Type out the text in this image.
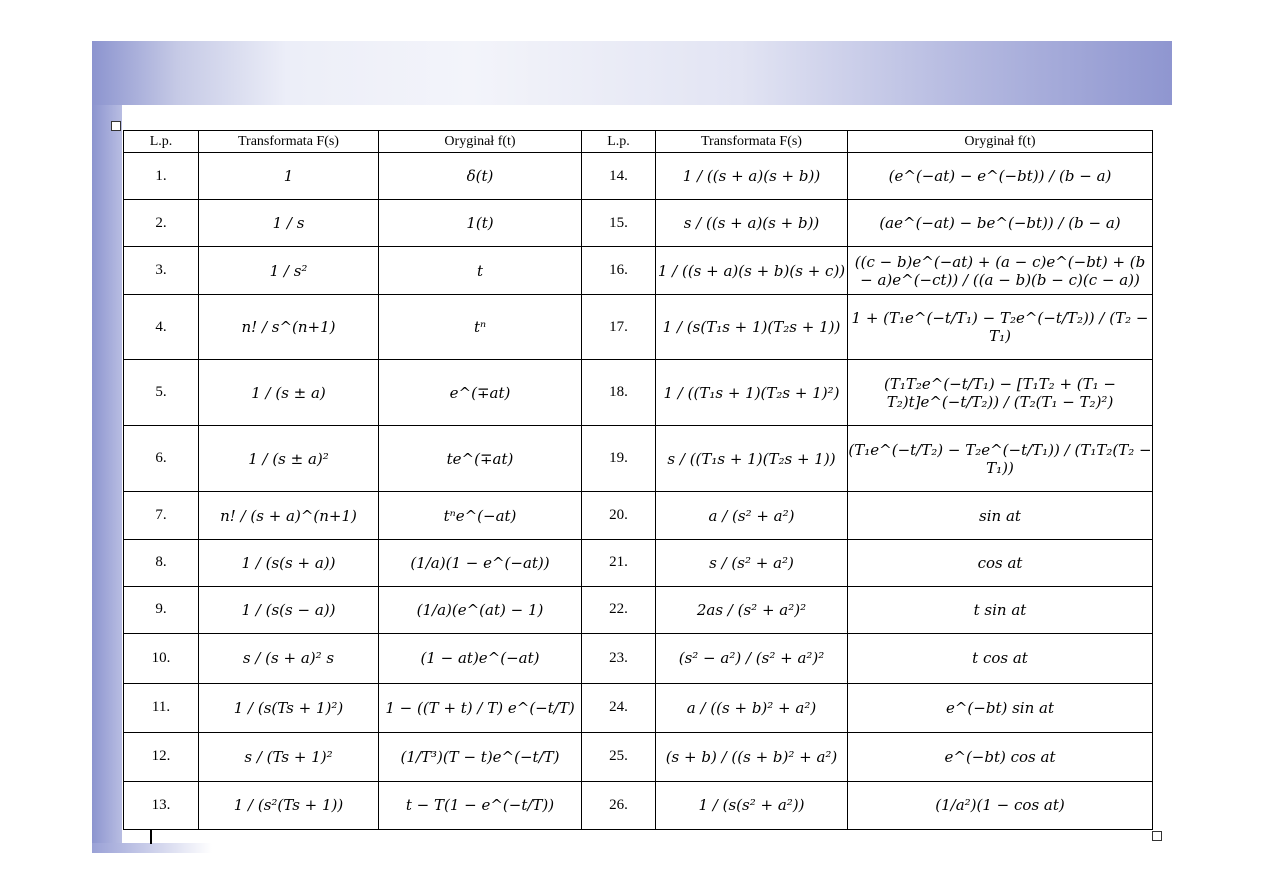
L.p.	Transformata F(s)	Oryginał f(t)	L.p.	Transformata F(s)	Oryginał f(t)
1.	1	δ(t)	14.	1 / ((s + a)(s + b))	(e^(−at) − e^(−bt)) / (b − a)
2.	1 / s	1(t)	15.	s / ((s + a)(s + b))	(ae^(−at) − be^(−bt)) / (b − a)
3.	1 / s²	t	16.	1 / ((s + a)(s + b)(s + c))	((c − b)e^(−at) + (a − c)e^(−bt) + (b − a)e^(−ct)) / ((a − b)(b − c)(c − a))
4.	n! / s^(n+1)	tⁿ	17.	1 / (s(T₁s + 1)(T₂s + 1))	1 + (T₁e^(−t/T₁) − T₂e^(−t/T₂)) / (T₂ − T₁)
5.	1 / (s ± a)	e^(∓at)	18.	1 / ((T₁s + 1)(T₂s + 1)²)	(T₁T₂e^(−t/T₁) − [T₁T₂ + (T₁ − T₂)t]e^(−t/T₂)) / (T₂(T₁ − T₂)²)
6.	1 / (s ± a)²	te^(∓at)	19.	s / ((T₁s + 1)(T₂s + 1))	(T₁e^(−t/T₂) − T₂e^(−t/T₁)) / (T₁T₂(T₂ − T₁))
7.	n! / (s + a)^(n+1)	tⁿe^(−at)	20.	a / (s² + a²)	sin at
8.	1 / (s(s + a))	(1/a)(1 − e^(−at))	21.	s / (s² + a²)	cos at
9.	1 / (s(s − a))	(1/a)(e^(at) − 1)	22.	2as / (s² + a²)²	t sin at
10.	s / (s + a)² s	(1 − at)e^(−at)	23.	(s² − a²) / (s² + a²)²	t cos at
11.	1 / (s(Ts + 1)²)	1 − ((T + t) / T) e^(−t/T)	24.	a / ((s + b)² + a²)	e^(−bt) sin at
12.	s / (Ts + 1)²	(1/T³)(T − t)e^(−t/T)	25.	(s + b) / ((s + b)² + a²)	e^(−bt) cos at
13.	1 / (s²(Ts + 1))	t − T(1 − e^(−t/T))	26.	1 / (s(s² + a²))	(1/a²)(1 − cos at)
